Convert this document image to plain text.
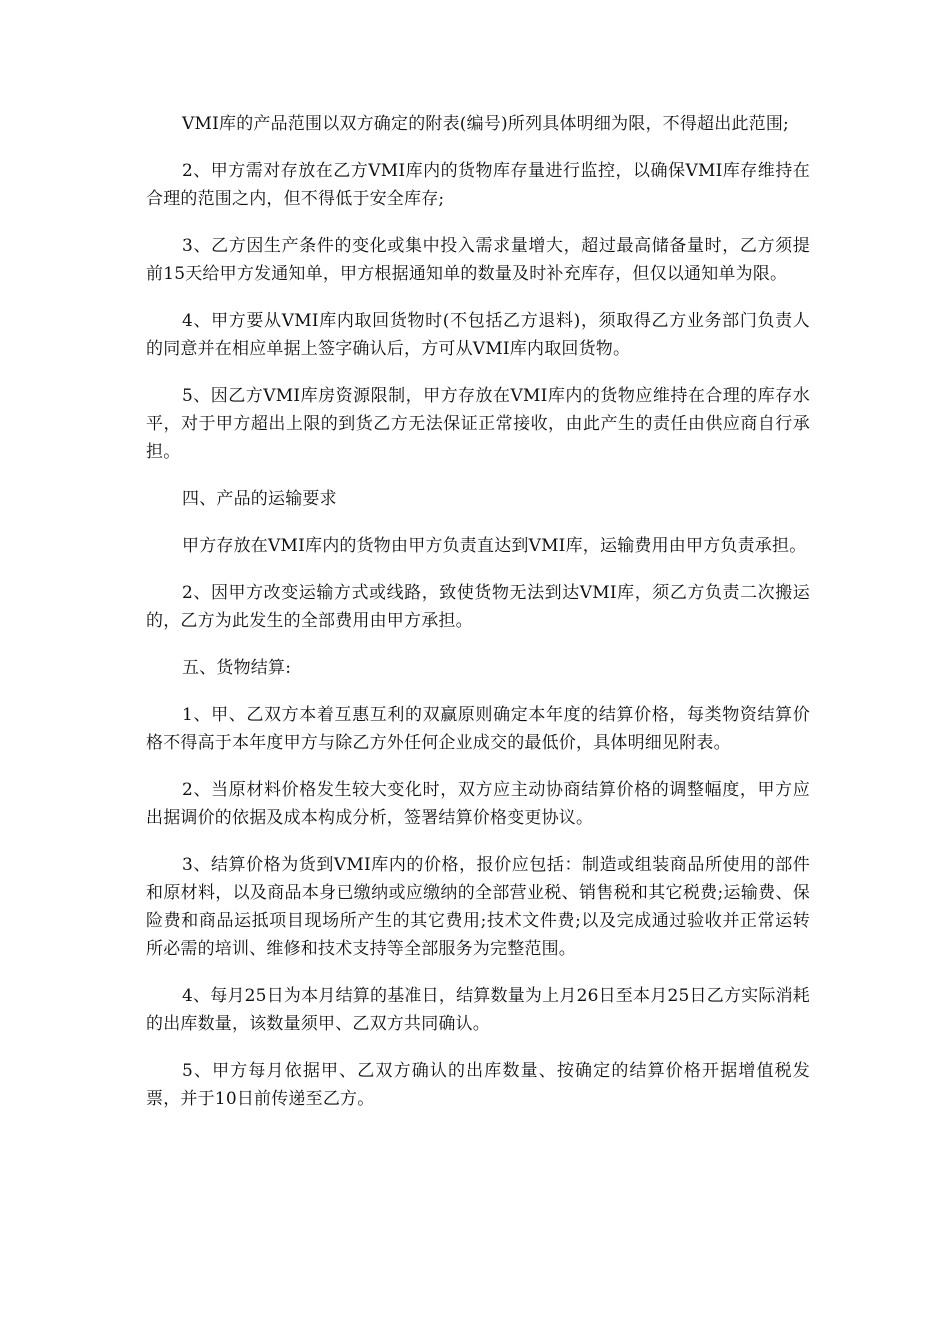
VMI库的产品范围以双方确定的附表(编号)所列具体明细为限，不得超出此范围;

2、甲方需对存放在乙方VMI库内的货物库存量进行监控，以确保VMI库存维持在合理的范围之内，但不得低于安全库存;

3、乙方因生产条件的变化或集中投入需求量增大，超过最高储备量时，乙方须提前15天给甲方发通知单，甲方根据通知单的数量及时补充库存，但仅以通知单为限。

4、甲方要从VMI库内取回货物时(不包括乙方退料)，须取得乙方业务部门负责人的同意并在相应单据上签字确认后，方可从VMI库内取回货物。

5、因乙方VMI库房资源限制，甲方存放在VMI库内的货物应维持在合理的库存水平，对于甲方超出上限的到货乙方无法保证正常接收，由此产生的责任由供应商自行承担。

四、产品的运输要求

甲方存放在VMI库内的货物由甲方负责直达到VMI库，运输费用由甲方负责承担。

2、因甲方改变运输方式或线路，致使货物无法到达VMI库，须乙方负责二次搬运的，乙方为此发生的全部费用由甲方承担。

五、货物结算:

1、甲、乙双方本着互惠互利的双赢原则确定本年度的结算价格，每类物资结算价格不得高于本年度甲方与除乙方外任何企业成交的最低价，具体明细见附表。

2、当原材料价格发生较大变化时，双方应主动协商结算价格的调整幅度，甲方应出据调价的依据及成本构成分析，签署结算价格变更协议。

3、结算价格为货到VMI库内的价格，报价应包括：制造或组装商品所使用的部件和原材料，以及商品本身已缴纳或应缴纳的全部营业税、销售税和其它税费;运输费、保险费和商品运抵项目现场所产生的其它费用;技术文件费;以及完成通过验收并正常运转所必需的培训、维修和技术支持等全部服务为完整范围。

4、每月25日为本月结算的基准日，结算数量为上月26日至本月25日乙方实际消耗的出库数量，该数量须甲、乙双方共同确认。

5、甲方每月依据甲、乙双方确认的出库数量、按确定的结算价格开据增值税发票，并于10日前传递至乙方。
